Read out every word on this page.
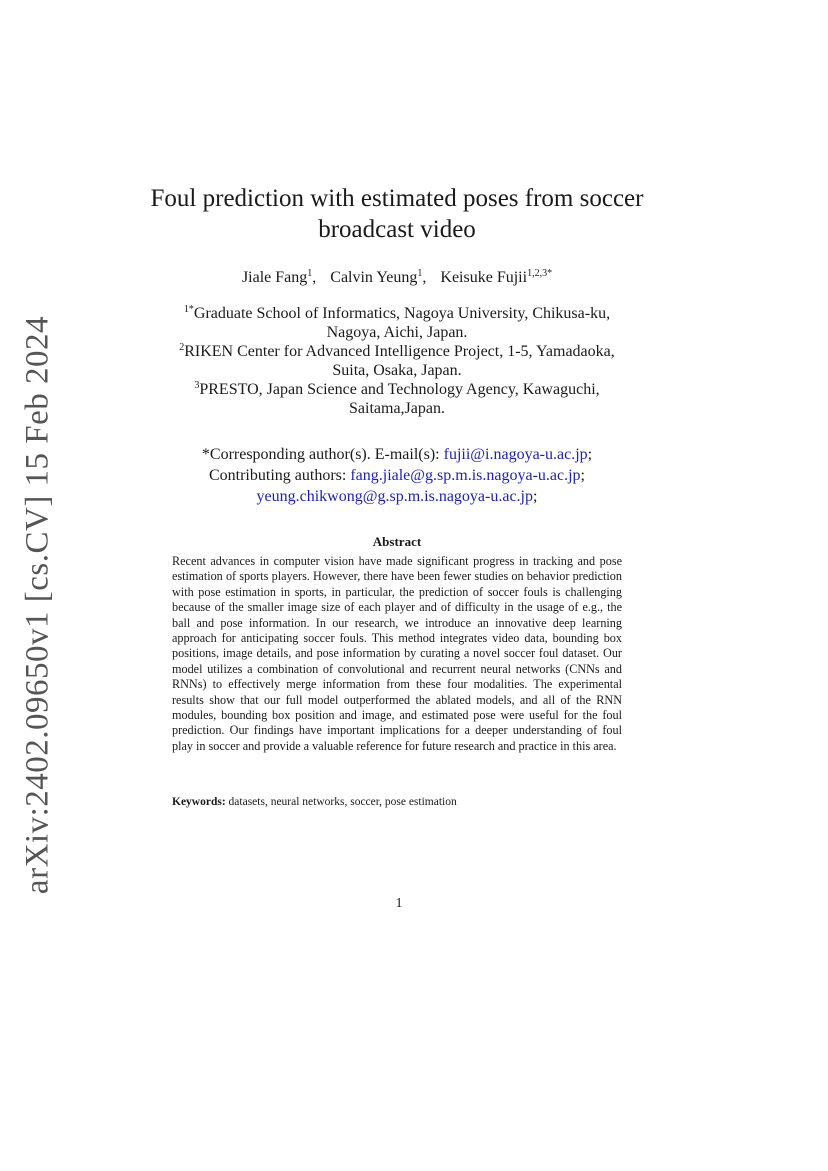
arXiv:2402.09650v1 [cs.CV] 15 Feb 2024
Foul prediction with estimated poses from soccer
broadcast video
Jiale Fang$^1$, Calvin Yeung$^1$, Keisuke Fujii$^{1,2,3*}$
$^{1*}$Graduate School of Informatics, Nagoya University, Chikusa-ku,
Nagoya, Aichi, Japan.
$^2$RIKEN Center for Advanced Intelligence Project, 1-5, Yamadaoka,
Suita, Osaka, Japan.
$^3$PRESTO, Japan Science and Technology Agency, Kawaguchi,
Saitama,Japan.
*Corresponding author(s). E-mail(s): fujii@i.nagoya-u.ac.jp;
Contributing authors: fang.jiale@g.sp.m.is.nagoya-u.ac.jp;
yeung.chikwong@g.sp.m.is.nagoya-u.ac.jp;
Abstract
Recent advances in computer vision have made significant progress in tracking and pose estimation of sports players. However, there have been fewer studies on behavior prediction with pose estimation in sports, in particular, the prediction of soccer fouls is challenging because of the smaller image size of each player and of difficulty in the usage of e.g., the ball and pose information. In our research, we introduce an innovative deep learning approach for anticipating soccer fouls. This method integrates video data, bounding box positions, image details, and pose information by curating a novel soccer foul dataset. Our model utilizes a combination of convolutional and recurrent neural networks (CNNs and RNNs) to effectively merge information from these four modalities. The experimental results show that our full model outperformed the ablated models, and all of the RNN modules, bounding box position and image, and estimated pose were useful for the foul prediction. Our findings have important implications for a deeper understanding of foul play in soccer and provide a valuable reference for future research and practice in this area.
Keywords: datasets, neural networks, soccer, pose estimation
1
